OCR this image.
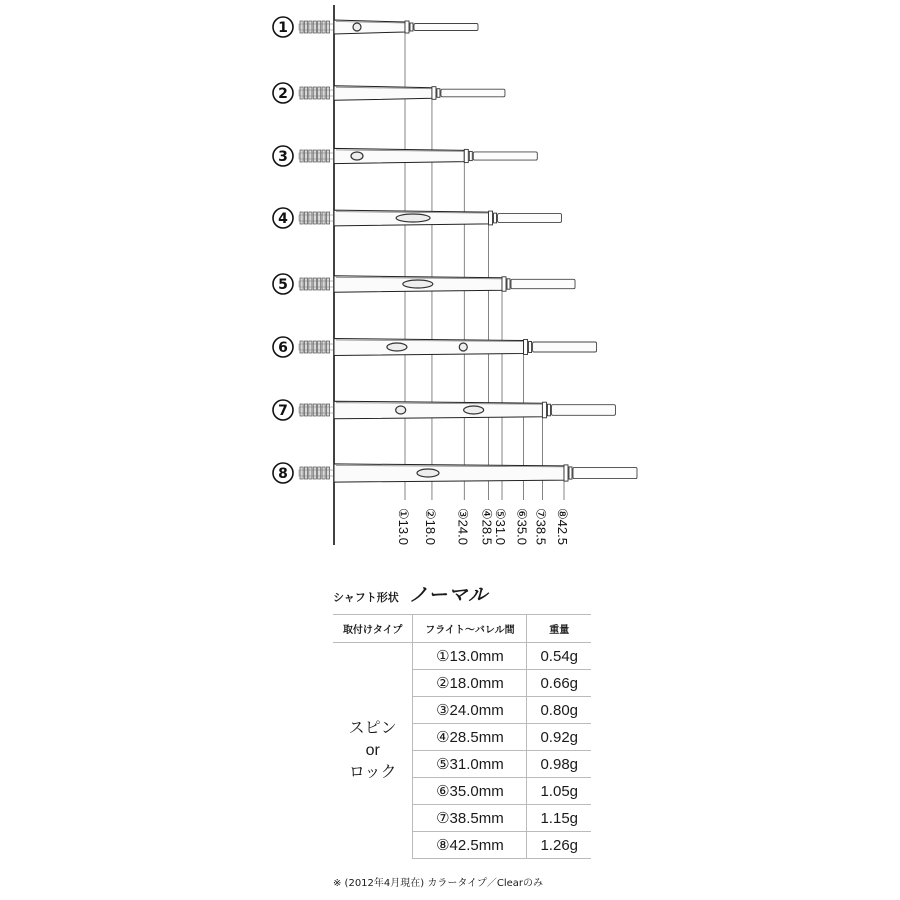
1
①13.0
2
②18.0
3
③24.0
4
④28.5
5
⑤31.0
6
⑥35.0
7
⑦38.5
8
⑧42.5
シャフト形状 ノーマル
取付けタイプ	フライト～バレル間	重量

スピン
or
ロック	①13.0mm	0.54g
	②18.0mm	0.66g
	③24.0mm	0.80g
	④28.5mm	0.92g
	⑤31.0mm	0.98g
	⑥35.0mm	1.05g
	⑦38.5mm	1.15g
	⑧42.5mm	1.26g
※ (2012年4月現在) カラータイプ／Clearのみ
